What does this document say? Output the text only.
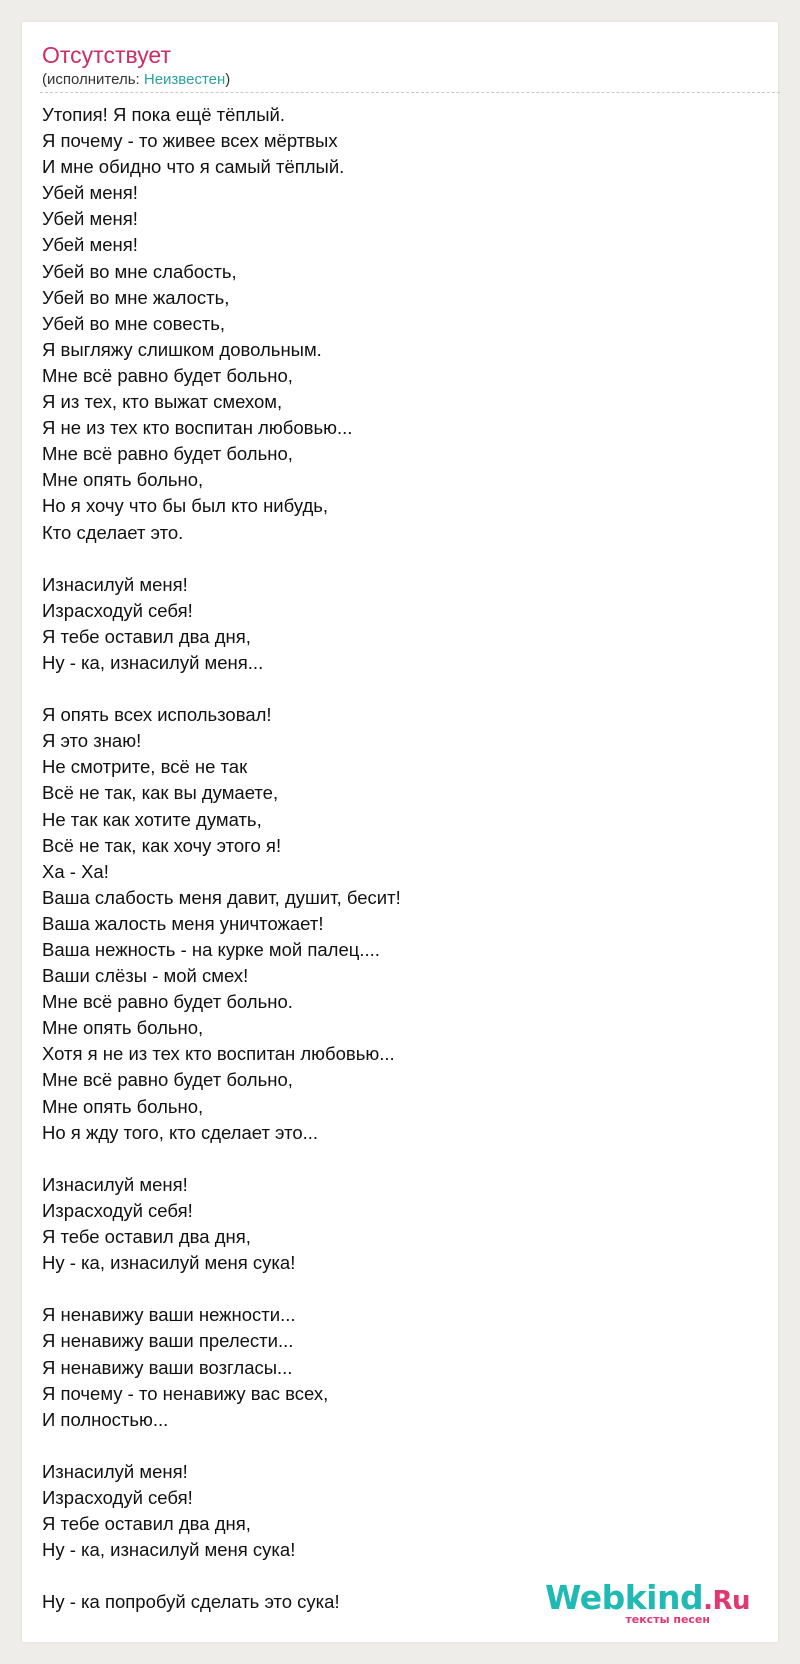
Отсутствует
(исполнитель: Неизвестен)
Утопия! Я пока ещё тёплый.
Я почему - то живее всех мёртвых
И мне обидно что я самый тёплый.
Убей меня!
Убей меня!
Убей меня!
Убей во мне слабость,
Убей во мне жалость,
Убей во мне совесть,
Я выгляжу слишком довольным.
Мне всё равно будет больно,
Я из тех, кто выжат смехом,
Я не из тех кто воспитан любовью...
Мне всё равно будет больно,
Мне опять больно,
Но я хочу что бы был кто нибудь,
Кто сделает это.
Изнасилуй меня!
Израсходуй себя!
Я тебе оставил два дня,
Ну - ка, изнасилуй меня...
Я опять всех использовал!
Я это знаю!
Не смотрите, всё не так
Всё не так, как вы думаете,
Не так как хотите думать,
Всё не так, как хочу этого я!
Ха - Ха!
Ваша слабость меня давит, душит, бесит!
Ваша жалость меня уничтожает!
Ваша нежность - на курке мой палец....
Ваши слёзы - мой смех!
Мне всё равно будет больно.
Мне опять больно,
Хотя я не из тех кто воспитан любовью...
Мне всё равно будет больно,
Мне опять больно,
Но я жду того, кто сделает это...
Изнасилуй меня!
Израсходуй себя!
Я тебе оставил два дня,
Ну - ка, изнасилуй меня сука!
Я ненавижу ваши нежности...
Я ненавижу ваши прелести...
Я ненавижу ваши возгласы...
Я почему - то ненавижу вас всех,
И полностью...
Изнасилуй меня!
Израсходуй себя!
Я тебе оставил два дня,
Ну - ка, изнасилуй меня сука!
Ну - ка попробуй сделать это сука!	Webkind.Ru
тексты песен
